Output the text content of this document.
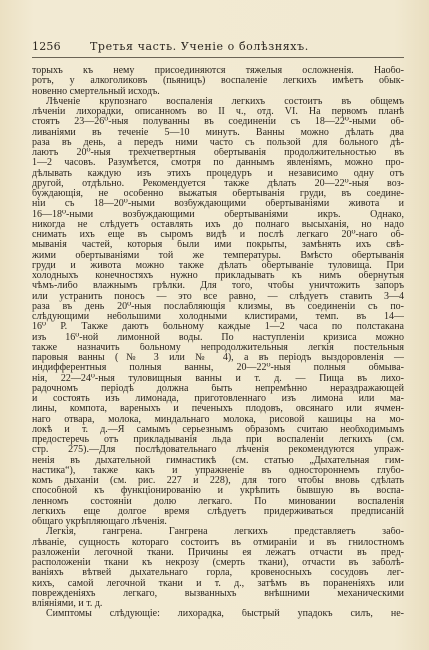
1256	Третья часть. Ученiе о болѣзняхъ.
торыхъ къ нему присоединяются тяжелыя осложненія. Наобо-
ротъ, у алкоголиковъ (пьяницъ) воспаленіе легкихъ имѣетъ обык-
новенно смертельный исходъ.
Лѣченіе крупознаго воспаленія легкихъ состоитъ въ общемъ
лѣченіи лихорадки, описанномъ во II ч., отд. VI. На первомъ планѣ
стоятъ 23—26⁰-ныя полуванны въ соединеніи съ 18—22⁰-ными об-
ливаніями въ теченіе 5—10 минутъ. Ванны можно дѣлать два
раза въ день, а передъ ними часто съ пользой для больного дѣ-
лаютъ 20⁰-ныя трехчетвертныя обертыванія продолжительностью въ
1—2 часовъ. Разумѣется, смотря по даннымъ явленіямъ, можно про-
дѣлывать каждую изъ этихъ процедуръ и независимо одну отъ
другой, отдѣльно. Рекомендуется также дѣлать 20—22⁰-ныя воз-
буждающія, не особенно выжатыя обертыванія груди, въ соедине-
ніи съ 18—20⁰-ными возбуждающими обертываніями живота и
16—18⁰-ными возбуждающими обертываніями икръ. Однако,
никогда не слѣдуетъ оставлять ихъ до полнаго высыханія, но надо
снимать ихъ еще въ сыромъ видѣ и послѣ легкаго 20⁰-наго об-
мыванія частей, которыя были ими покрыты, замѣнять ихъ свѣ-
жими обертываніями той же температуры. Вмѣсто обертыванія
груди и живота можно также дѣлать обертываніе туловища. При
холодныхъ конечностяхъ нужно прикладывать къ нимъ обернутыя
чѣмъ-либо влажнымъ грѣлки. Для того, чтобы уничтожить запоръ
или устранить поносъ — это все равно, — слѣдуетъ ставить 3—4
раза въ день 20⁰-ныя послабляющія клизмы, въ соединеніи съ по-
слѣдующими небольшими холодными клистирами, темп. въ 14—
16⁰ Р. Также даютъ больному каждые 1—2 часа по полстакана
изъ 16⁰-ной лимонной воды. По наступленіи кризиса можно
также назначить больному непродолжительныя легкія постельныя
паровыя ванны (№ 3 или № 4), а въ періодъ выздоровленія —
индифферентныя полныя ванны, 20—22⁰-ныя полныя обмыва-
нія, 22—24⁰-ныя туловищныя ванны и т. д. — Пища въ лихо-
радочномъ періодѣ должна быть непремѣнно нераздражающей
и состоять изъ лимонада, приготовленнаго изъ лимона или ма-
лины, компота, вареныхъ и печеныхъ плодовъ, овсянаго или ячмен-
наго отвара, молока, миндальнаго молока, рисовой кашицы на мо-
локѣ и т. д.—Я самымъ серьезнымъ образомъ считаю необходимымъ
предостеречь отъ прикладыванія льда при воспаленіи легкихъ (см.
стр. 275).—Для послѣдовательнаго лѣченія рекомендуются упраж-
ненія въ дыхательной гимнастикѣ (см. статью „Дыхательная гим-
настика“), также какъ и упражненіе въ односторонне́мъ глубо-
комъ дыханіи (см. рис. 227 и 228), для того чтобы вновь сдѣлать
способной къ функціонированію и укрѣпить бывшую въ воспа-
ленномъ состояніи долю легкаго. По миновании воспаленія
легкихъ еще долгое время слѣдуетъ придерживаться предписаній
общаго укрѣпляющаго лѣченія.
Легкія, гангрена. Гангрена легкихъ представляетъ забо-
лѣваніе, сущность котораго состоитъ въ отмираніи и въ гнилостномъ
разложеніи легочной ткани. Причины ея лежатъ отчасти въ пред-
расположеніи ткани къ некрозу (смерть ткани), отчасти въ заболѣ-
ваніяхъ вѣтвей дыхательнаго горла, кровеносныхъ сосудовъ лег-
кихъ, самой легочной ткани и т. д., затѣмъ въ пораненіяхъ или
поврежденіяхъ легкаго, вызванныхъ внѣшними механическими
вліяніями, и т. д.
Симптомы слѣдующіе: лихорадка, быстрый упадокъ силъ, не-
